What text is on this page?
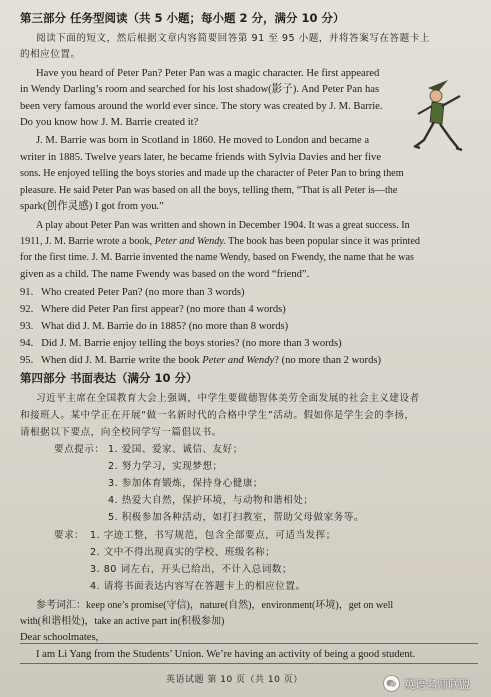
第三部分 任务型阅读（共 5 小题；每小题 2 分，满分 10 分）
阅读下面的短文，然后根据文章内容简要回答第 91 至 95 小题，并将答案写在答题卡上
的相应位置。
Have you heard of Peter Pan? Peter Pan was a magic character. He first appeared
in Wendy Darling’s room and searched for his lost shadow(影子). And Peter Pan has
been very famous around the world ever since. The story was created by J. M. Barrie.
Do you know how J. M. Barrie created it?
J. M. Barrie was born in Scotland in 1860. He moved to London and became a
writer in 1885. Twelve years later, he became friends with Sylvia Davies and her five
sons. He enjoyed telling the boys stories and made up the character of Peter Pan to bring them
pleasure. He said Peter Pan was based on all the boys, telling them, “That is all Peter is—the
spark(创作灵感) I got from you.”
A play about Peter Pan was written and shown in December 1904. It was a great success. In
1911, J. M. Barrie wrote a book, Peter and Wendy. The book has been popular since it was printed
for the first time. J. M. Barrie invented the name Wendy, based on Fwendy, the name that he was
given as a child. The name Fwendy was based on the word “friend”.
91. Who created Peter Pan? (no more than 3 words)
92. Where did Peter Pan first appear? (no more than 4 words)
93. What did J. M. Barrie do in 1885? (no more than 8 words)
94. Did J. M. Barrie enjoy telling the boys stories? (no more than 3 words)
95. When did J. M. Barrie write the book Peter and Wendy? (no more than 2 words)
第四部分 书面表达（满分 10 分）
习近平主席在全国教育大会上强调，中学生要做德智体美劳全面发展的社会主义建设者
和接班人。某中学正在开展“做一名新时代的合格中学生”活动。假如你是学生会的李扬，
请根据以下要点，向全校同学写一篇倡议书。
要点提示： 1. 爱国、爱家、诚信、友好；
2. 努力学习，实现梦想；
3. 参加体育锻炼，保持身心健康；
4. 热爱大自然，保护环境，与动物和谐相处；
5. 积极参加各种活动，如打扫教室，帮助父母做家务等。
要求： 1. 字迹工整，书写规范，包含全部要点，可适当发挥；
2. 文中不得出现真实的学校、班级名称；
3. 80 词左右，开头已给出，不计入总词数；
4. 请将书面表达内容写在答题卡上的相应位置。
参考词汇：keep one’s promise(守信)，nature(自然)，environment(环境)，get on well
with(和谐相处)，take an active part in(积极参加)
Dear schoolmates,
I am Li Yang from the Students’ Union. We’re having an activity of being a good student.
英语试题 第 10 页（共 10 页）	英语名师联盟
